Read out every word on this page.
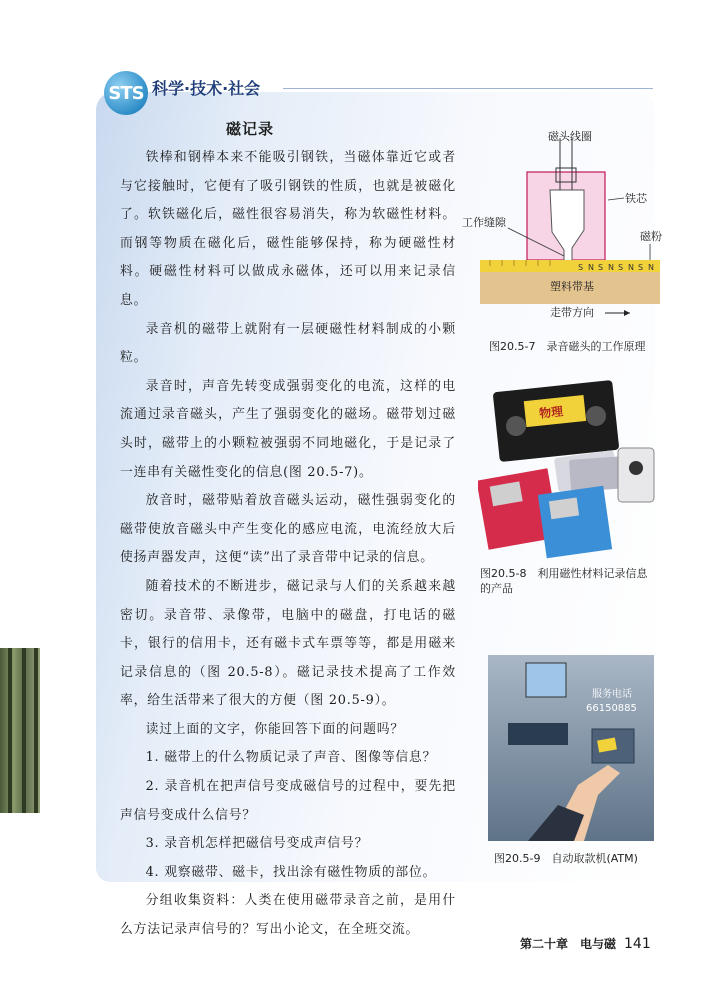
STS 科学·技术·社会
磁记录

铁棒和钢棒本来不能吸引钢铁，当磁体靠近它或者与它接触时，它便有了吸引钢铁的性质，也就是被磁化了。软铁磁化后，磁性很容易消失，称为软磁性材料。而钢等物质在磁化后，磁性能够保持，称为硬磁性材料。硬磁性材料可以做成永磁体，还可以用来记录信息。

录音机的磁带上就附有一层硬磁性材料制成的小颗粒。

录音时，声音先转变成强弱变化的电流，这样的电流通过录音磁头，产生了强弱变化的磁场。磁带划过磁头时，磁带上的小颗粒被强弱不同地磁化，于是记录了一连串有关磁性变化的信息(图 20.5-7)。

放音时，磁带贴着放音磁头运动，磁性强弱变化的磁带使放音磁头中产生变化的感应电流，电流经放大后使扬声器发声，这便“读”出了录音带中记录的信息。

随着技术的不断进步，磁记录与人们的关系越来越密切。录音带、录像带，电脑中的磁盘，打电话的磁卡，银行的信用卡，还有磁卡式车票等等，都是用磁来记录信息的（图 20.5-8）。磁记录技术提高了工作效率，给生活带来了很大的方便（图 20.5-9）。

读过上面的文字，你能回答下面的问题吗？

1. 磁带上的什么物质记录了声音、图像等信息？

2. 录音机在把声信号变成磁信号的过程中，要先把声信号变成什么信号？

3. 录音机怎样把磁信号变成声信号？

4. 观察磁带、磁卡，找出涂有磁性物质的部位。

分组收集资料：人类在使用磁带录音之前，是用什么方法记录声信号的？写出小论文，在全班交流。

S N S N S N S N
磁头线圈
铁芯
工作缝隙
磁粉
塑料带基
走带方向
图20.5-7　录音磁头的工作原理
物理
图20.5-8　利用磁性材料记录信息的产品
服务电话
66150885
图20.5-9　自动取款机(ATM)
第二十章　电与磁 141
